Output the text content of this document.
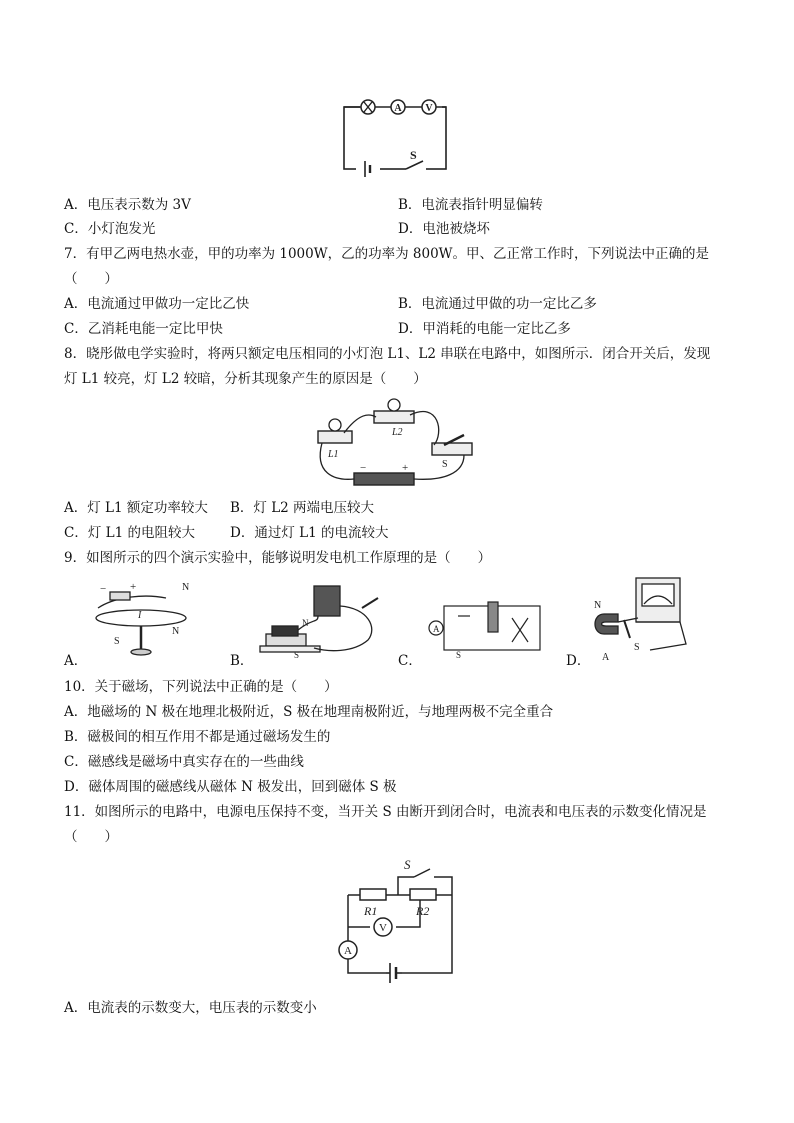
A V
S
A．电压表示数为 3V	B．电流表指针明显偏转
C．小灯泡发光	D．电池被烧坏
7．有甲乙两电热水壶，甲的功率为 1000W，乙的功率为 800W。甲、乙正常工作时，下列说法中正确的是
（　　）
A．电流通过甲做功一定比乙快	B．电流通过甲做的功一定比乙多
C．乙消耗电能一定比甲快	D．甲消耗的电能一定比乙多
8．晓彤做电学实验时，将两只额定电压相同的小灯泡 L1、L2 串联在电路中，如图所示．闭合开关后，发现
灯 L1 较亮，灯 L2 较暗，分析其现象产生的原因是（　　）
L1
L2
S
−	+
A．灯 L1 额定功率较大 B．灯 L2 两端电压较大
C．灯 L1 的电阻较大	D．通过灯 L1 的电流较大
9．如图所示的四个演示实验中，能够说明发电机工作原理的是（　　）
+
−
I
N
N
S
A．
N
S
B．
A
S
C．
N
S
A
D．
10．关于磁场，下列说法中正确的是（　　）
A．地磁场的 N 极在地理北极附近，S 极在地理南极附近，与地理两极不完全重合
B．磁极间的相互作用不都是通过磁场发生的
C．磁感线是磁场中真实存在的一些曲线
D．磁体周围的磁感线从磁体 N 极发出，回到磁体 S 极
11．如图所示的电路中，电源电压保持不变，当开关 S 由断开到闭合时，电流表和电压表的示数变化情况是
（　　）
S
R1	R2
V
A
A．电流表的示数变大，电压表的示数变小
